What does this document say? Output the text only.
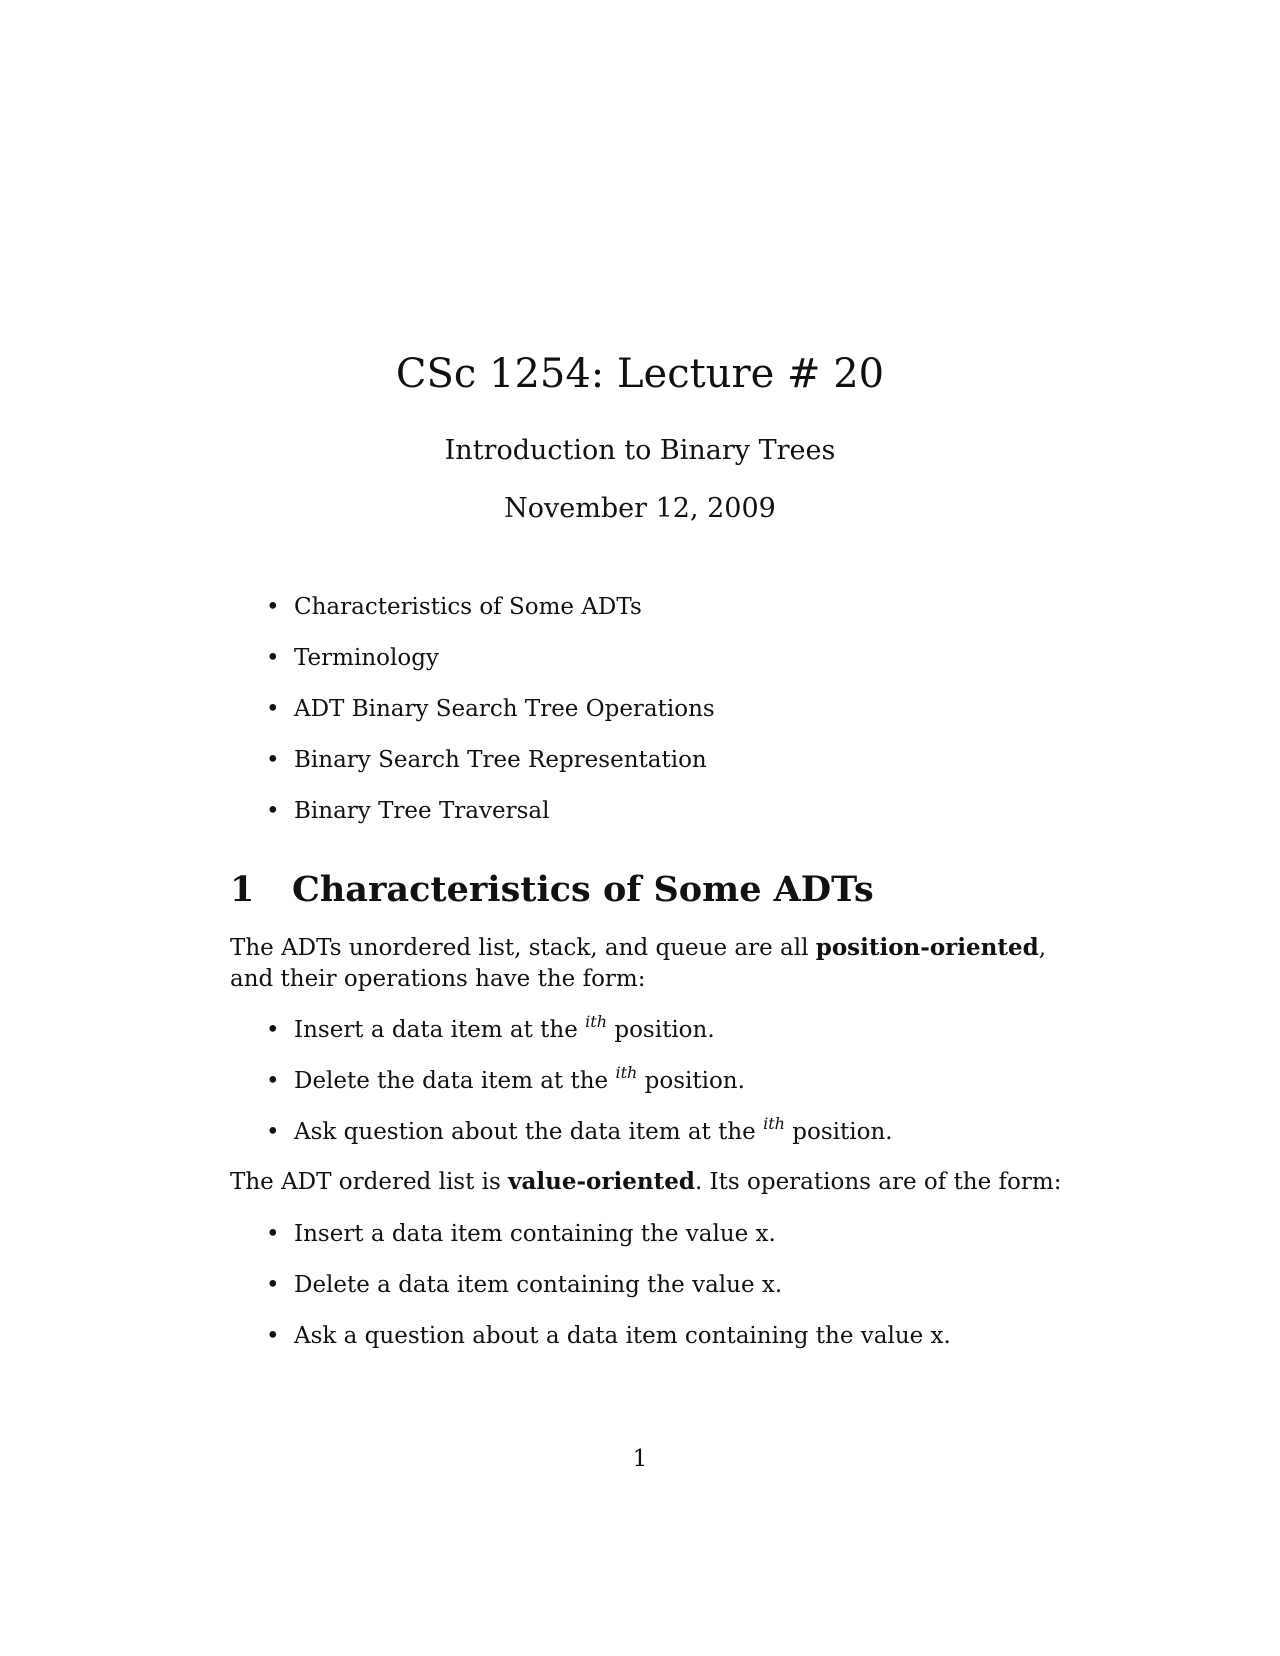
CSc 1254: Lecture # 20
Introduction to Binary Trees
November 12, 2009
• Characteristics of Some ADTs
• Terminology
• ADT Binary Search Tree Operations
• Binary Search Tree Representation
• Binary Tree Traversal
1 Characteristics of Some ADTs

The ADTs unordered list, stack, and queue are all position-oriented, and their operations have the form:

• Insert a data item at the $^{ith}$ position.
• Delete the data item at the $^{ith}$ position.
• Ask question about the data item at the $^{ith}$ position.

The ADT ordered list is value-oriented. Its operations are of the form:

• Insert a data item containing the value x.
• Delete a data item containing the value x.
• Ask a question about a data item containing the value x.
1
